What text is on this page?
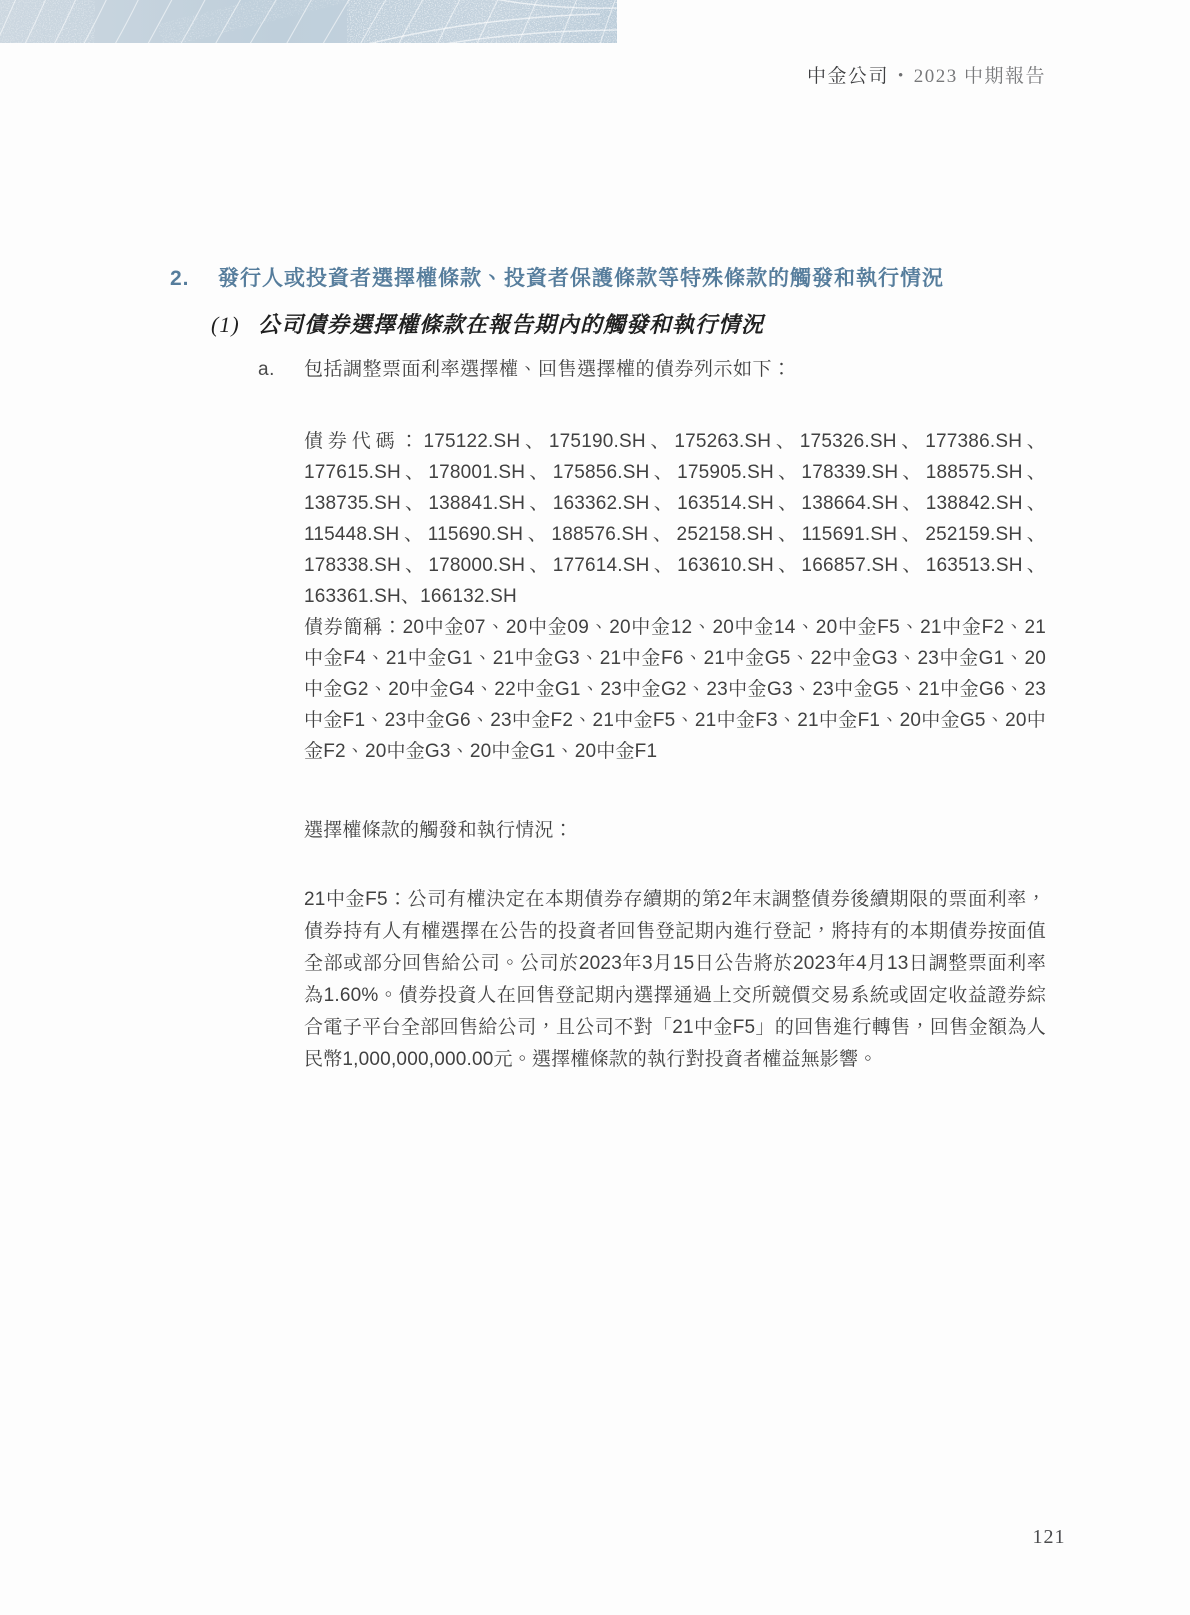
中金公司 • 2023 中期報告
2.	發行人或投資者選擇權條款、投資者保護條款等特殊條款的觸發和執行情況
(1) 公司債券選擇權條款在報告期內的觸發和執行情況
a.	包括調整票面利率選擇權、回售選擇權的債券列示如下：
債券代碼：175122.SH、175190.SH、175263.SH、175326.SH、177386.SH、177615.SH、178001.SH、175856.SH、175905.SH、178339.SH、188575.SH、138735.SH、138841.SH、163362.SH、163514.SH、138664.SH、138842.SH、115448.SH、115690.SH、188576.SH、252158.SH、115691.SH、252159.SH、178338.SH、178000.SH、177614.SH、163610.SH、166857.SH、163513.SH、163361.SH、166132.SH
債券簡稱：20中金07、20中金09、20中金12、20中金14、20中金F5、21中金F2、21中金F4、21中金G1、21中金G3、21中金F6、21中金G5、22中金G3、23中金G1、20中金G2、20中金G4、22中金G1、23中金G2、23中金G3、23中金G5、21中金G6、23中金F1、23中金G6、23中金F2、21中金F5、21中金F3、21中金F1、20中金G5、20中金F2、20中金G3、20中金G1、20中金F1
選擇權條款的觸發和執行情況：
21中金F5：公司有權決定在本期債券存續期的第2年末調整債券後續期限的票面利率，債券持有人有權選擇在公告的投資者回售登記期內進行登記，將持有的本期債券按面值全部或部分回售給公司。公司於2023年3月15日公告將於2023年4月13日調整票面利率為1.60%。債券投資人在回售登記期內選擇通過上交所競價交易系統或固定收益證券綜合電子平台全部回售給公司，且公司不對「21中金F5」的回售進行轉售，回售金額為人民幣1,000,000,000.00元。選擇權條款的執行對投資者權益無影響。
121
